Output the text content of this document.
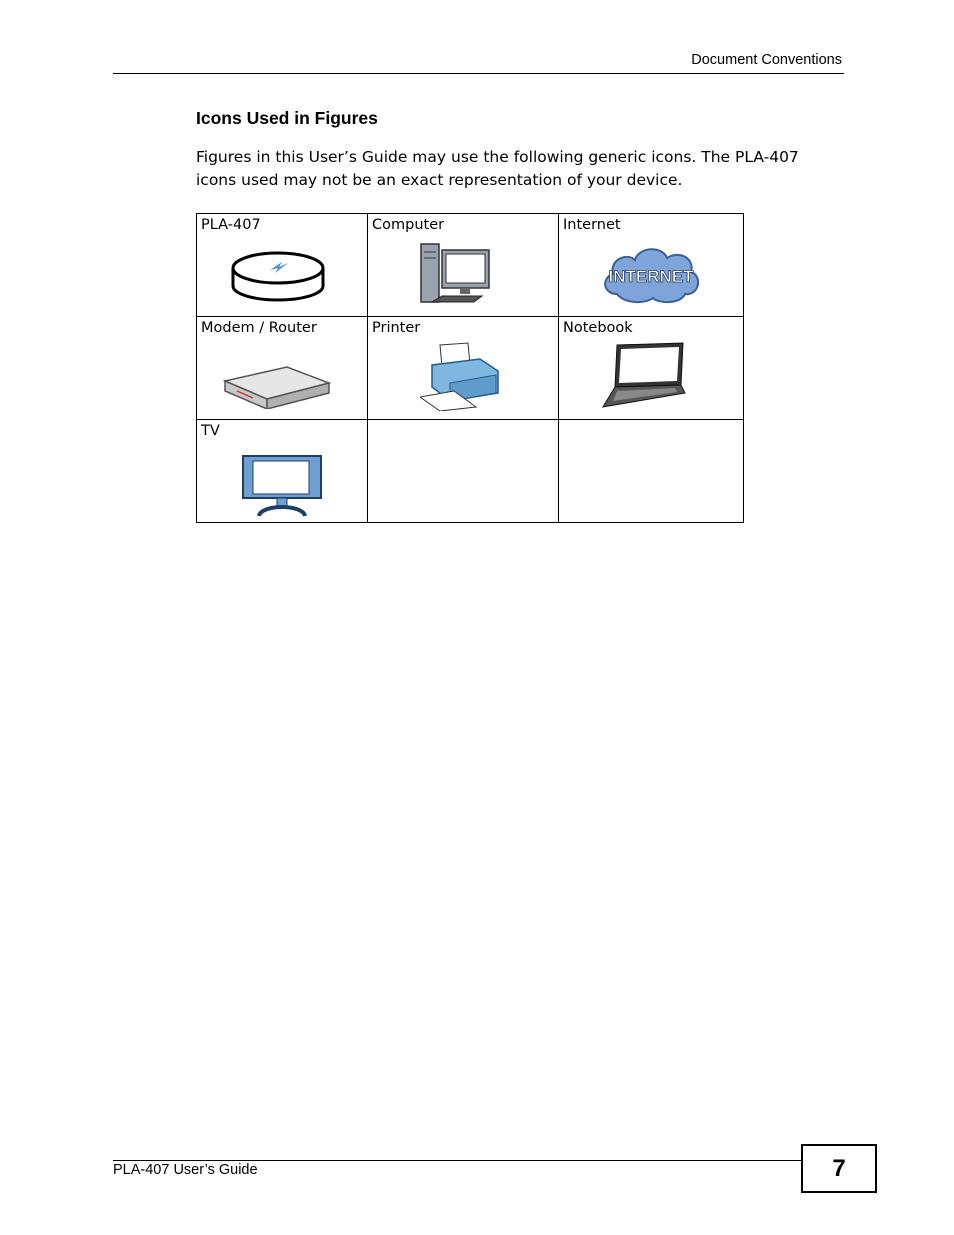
Document Conventions
Icons Used in Figures
Figures in this User’s Guide may use the following generic icons. The PLA-407 icons used may not be an exact representation of your device.
PLA-407	Computer	Internet
INTERNET

Modem / Router	Printer	Notebook

TV		

PLA-407 User’s Guide	7
